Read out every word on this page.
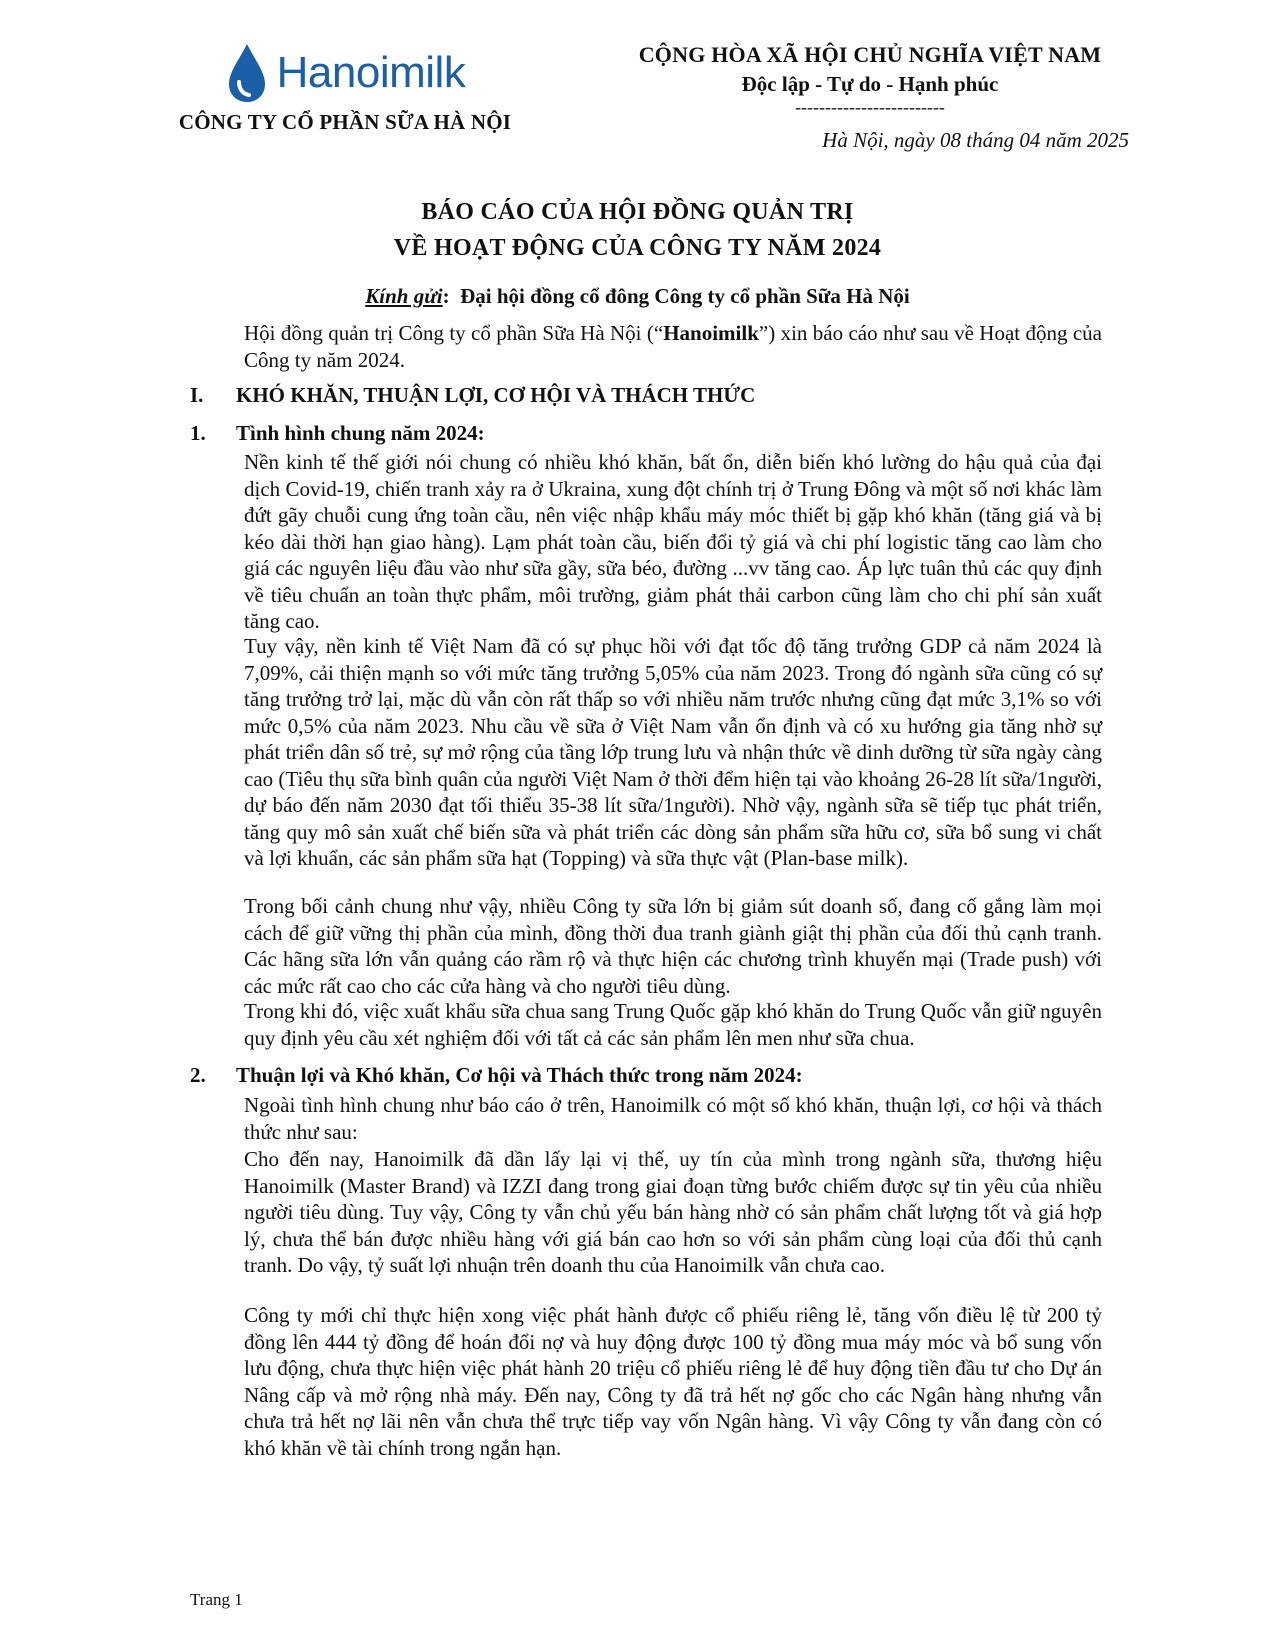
Hanoimilk
CÔNG TY CỔ PHẦN SỮA HÀ NỘI
CỘNG HÒA XÃ HỘI CHỦ NGHĨA VIỆT NAM
Độc lập - Tự do - Hạnh phúc
-------------------------
Hà Nội, ngày 08 tháng 04 năm 2025
BÁO CÁO CỦA HỘI ĐỒNG QUẢN TRỊ
VỀ HOẠT ĐỘNG CỦA CÔNG TY NĂM 2024
Kính gửi: Đại hội đồng cổ đông Công ty cổ phần Sữa Hà Nội

Hội đồng quản trị Công ty cổ phần Sữa Hà Nội (“Hanoimilk”) xin báo cáo như sau về Hoạt động của Công ty năm 2024.

I. KHÓ KHĂN, THUẬN LỢI, CƠ HỘI VÀ THÁCH THỨC
1. Tình hình chung năm 2024:

Nền kinh tế thế giới nói chung có nhiều khó khăn, bất ổn, diễn biến khó lường do hậu quả của đại dịch Covid-19, chiến tranh xảy ra ở Ukraina, xung đột chính trị ở Trung Đông và một số nơi khác làm đứt gãy chuỗi cung ứng toàn cầu, nên việc nhập khẩu máy móc thiết bị gặp khó khăn (tăng giá và bị kéo dài thời hạn giao hàng). Lạm phát toàn cầu, biến đổi tỷ giá và chi phí logistic tăng cao làm cho giá các nguyên liệu đầu vào như sữa gầy, sữa béo, đường ...vv tăng cao. Áp lực tuân thủ các quy định về tiêu chuẩn an toàn thực phẩm, môi trường, giảm phát thải carbon cũng làm cho chi phí sản xuất tăng cao.

Tuy vậy, nền kinh tế Việt Nam đã có sự phục hồi với đạt tốc độ tăng trưởng GDP cả năm 2024 là 7,09%, cải thiện mạnh so với mức tăng trưởng 5,05% của năm 2023. Trong đó ngành sữa cũng có sự tăng trưởng trở lại, mặc dù vẫn còn rất thấp so với nhiều năm trước nhưng cũng đạt mức 3,1% so với mức 0,5% của năm 2023. Nhu cầu về sữa ở Việt Nam vẫn ổn định và có xu hướng gia tăng nhờ sự phát triển dân số trẻ, sự mở rộng của tầng lớp trung lưu và nhận thức về dinh dưỡng từ sữa ngày càng cao (Tiêu thụ sữa bình quân của người Việt Nam ở thời đểm hiện tại vào khoảng 26-28 lít sữa/1người, dự báo đến năm 2030 đạt tối thiểu 35-38 lít sữa/1người). Nhờ vậy, ngành sữa sẽ tiếp tục phát triển, tăng quy mô sản xuất chế biến sữa và phát triển các dòng sản phẩm sữa hữu cơ, sữa bổ sung vi chất và lợi khuẩn, các sản phẩm sữa hạt (Topping) và sữa thực vật (Plan-base milk).

Trong bối cảnh chung như vậy, nhiều Công ty sữa lớn bị giảm sút doanh số, đang cố gắng làm mọi cách để giữ vững thị phần của mình, đồng thời đua tranh giành giật thị phần của đối thủ cạnh tranh. Các hãng sữa lớn vẫn quảng cáo rầm rộ và thực hiện các chương trình khuyến mại (Trade push) với các mức rất cao cho các cửa hàng và cho người tiêu dùng.

Trong khi đó, việc xuất khẩu sữa chua sang Trung Quốc gặp khó khăn do Trung Quốc vẫn giữ nguyên quy định yêu cầu xét nghiệm đối với tất cả các sản phẩm lên men như sữa chua.

2. Thuận lợi và Khó khăn, Cơ hội và Thách thức trong năm 2024:

Ngoài tình hình chung như báo cáo ở trên, Hanoimilk có một số khó khăn, thuận lợi, cơ hội và thách thức như sau:

Cho đến nay, Hanoimilk đã dần lấy lại vị thế, uy tín của mình trong ngành sữa, thương hiệu Hanoimilk (Master Brand) và IZZI đang trong giai đoạn từng bước chiếm được sự tin yêu của nhiều người tiêu dùng. Tuy vậy, Công ty vẫn chủ yếu bán hàng nhờ có sản phẩm chất lượng tốt và giá hợp lý, chưa thể bán được nhiều hàng với giá bán cao hơn so với sản phẩm cùng loại của đối thủ cạnh tranh. Do vậy, tỷ suất lợi nhuận trên doanh thu của Hanoimilk vẫn chưa cao.

Công ty mới chỉ thực hiện xong việc phát hành được cổ phiếu riêng lẻ, tăng vốn điều lệ từ 200 tỷ đồng lên 444 tỷ đồng để hoán đổi nợ và huy động được 100 tỷ đồng mua máy móc và bổ sung vốn lưu động, chưa thực hiện việc phát hành 20 triệu cổ phiếu riêng lẻ để huy động tiền đầu tư cho Dự án Nâng cấp và mở rộng nhà máy. Đến nay, Công ty đã trả hết nợ gốc cho các Ngân hàng nhưng vẫn chưa trả hết nợ lãi nên vẫn chưa thể trực tiếp vay vốn Ngân hàng. Vì vậy Công ty vẫn đang còn có khó khăn về tài chính trong ngắn hạn.

Trang 1
